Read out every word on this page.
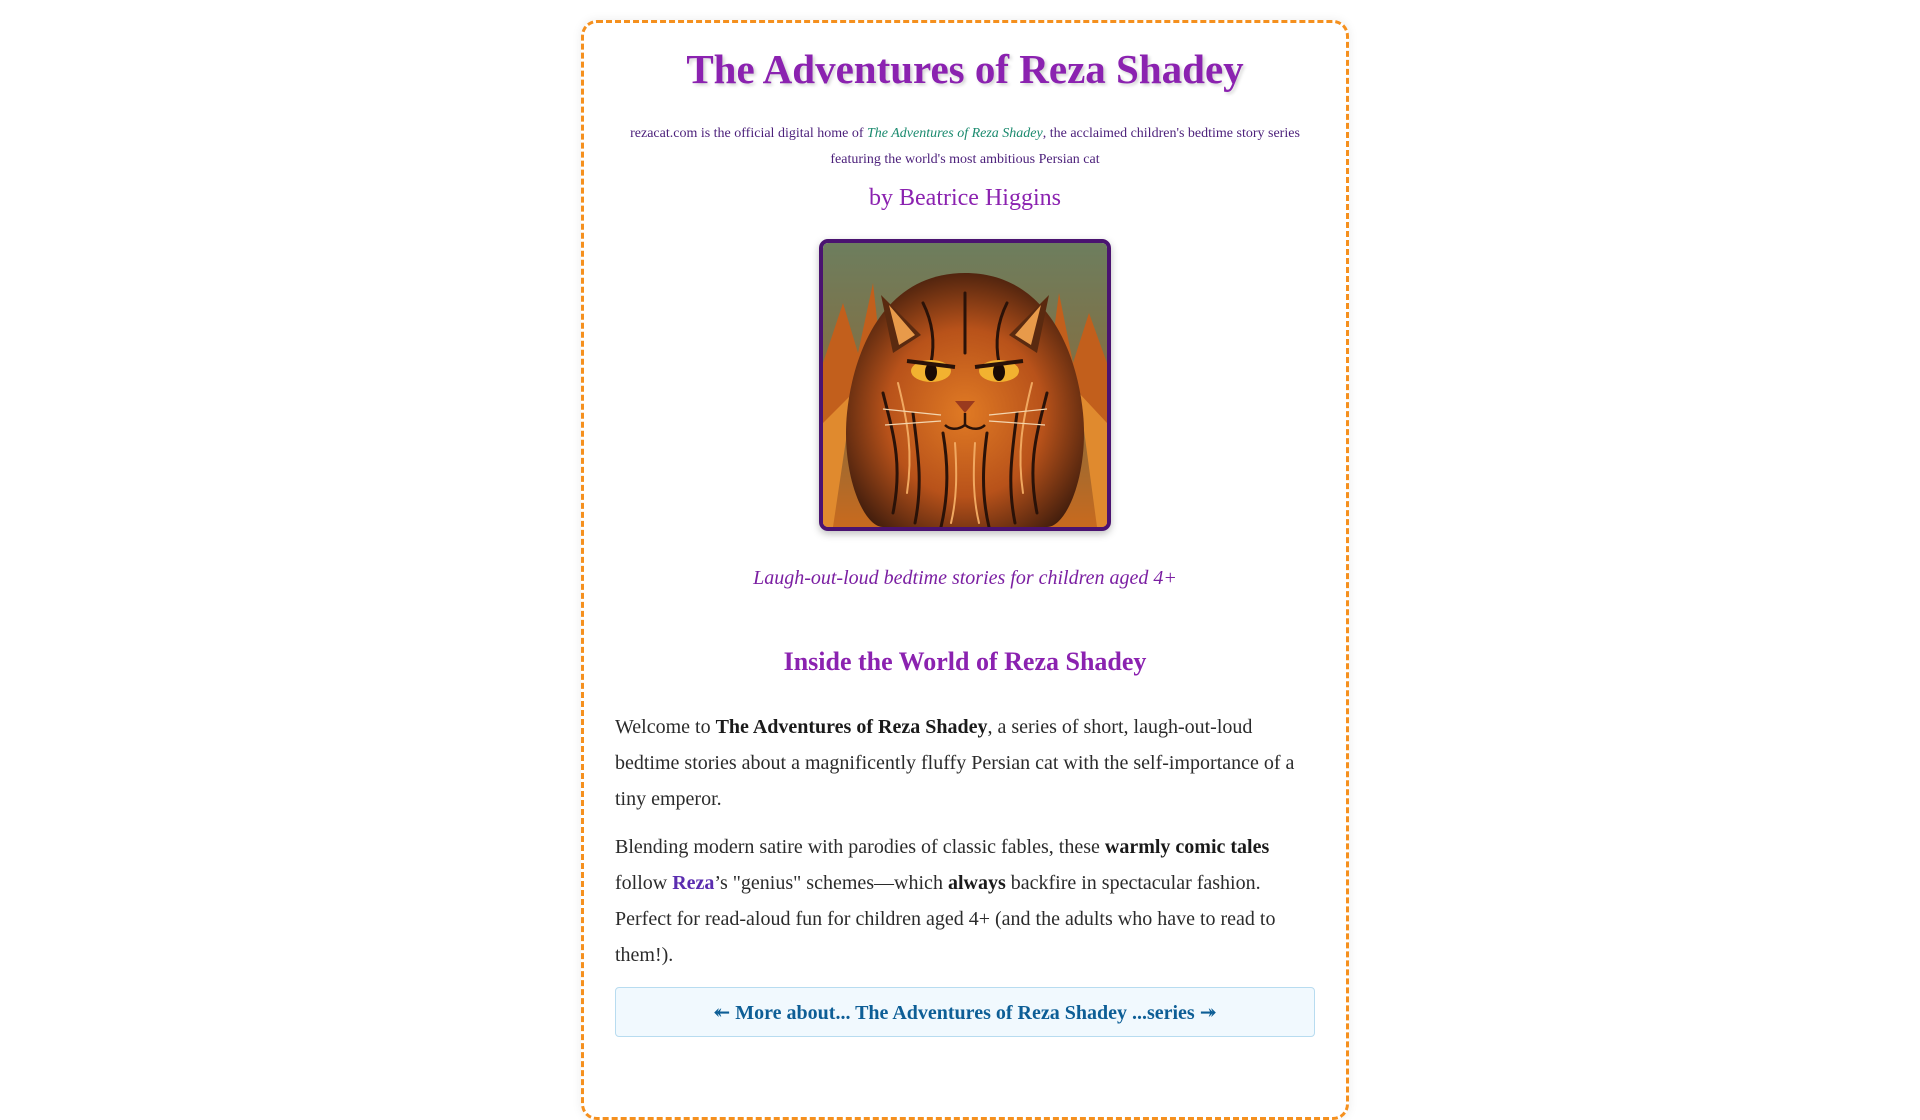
The Adventures of Reza Shadey

rezacat.com is the official digital home of The Adventures of Reza Shadey, the acclaimed children's bedtime story series featuring the world's most ambitious Persian cat

by Beatrice Higgins

Laugh-out-loud bedtime stories for children aged 4+

Inside the World of Reza Shadey

Welcome to The Adventures of Reza Shadey, a series of short, laugh-out-loud bedtime stories about a magnificently fluffy Persian cat with the self-importance of a tiny emperor.

Blending modern satire with parodies of classic fables, these warmly comic tales follow Reza’s "genius" schemes—which always backfire in spectacular fashion. Perfect for read-aloud fun for children aged 4+ (and the adults who have to read to them!).

↞ More about... The Adventures of Reza Shadey ...series ↠
